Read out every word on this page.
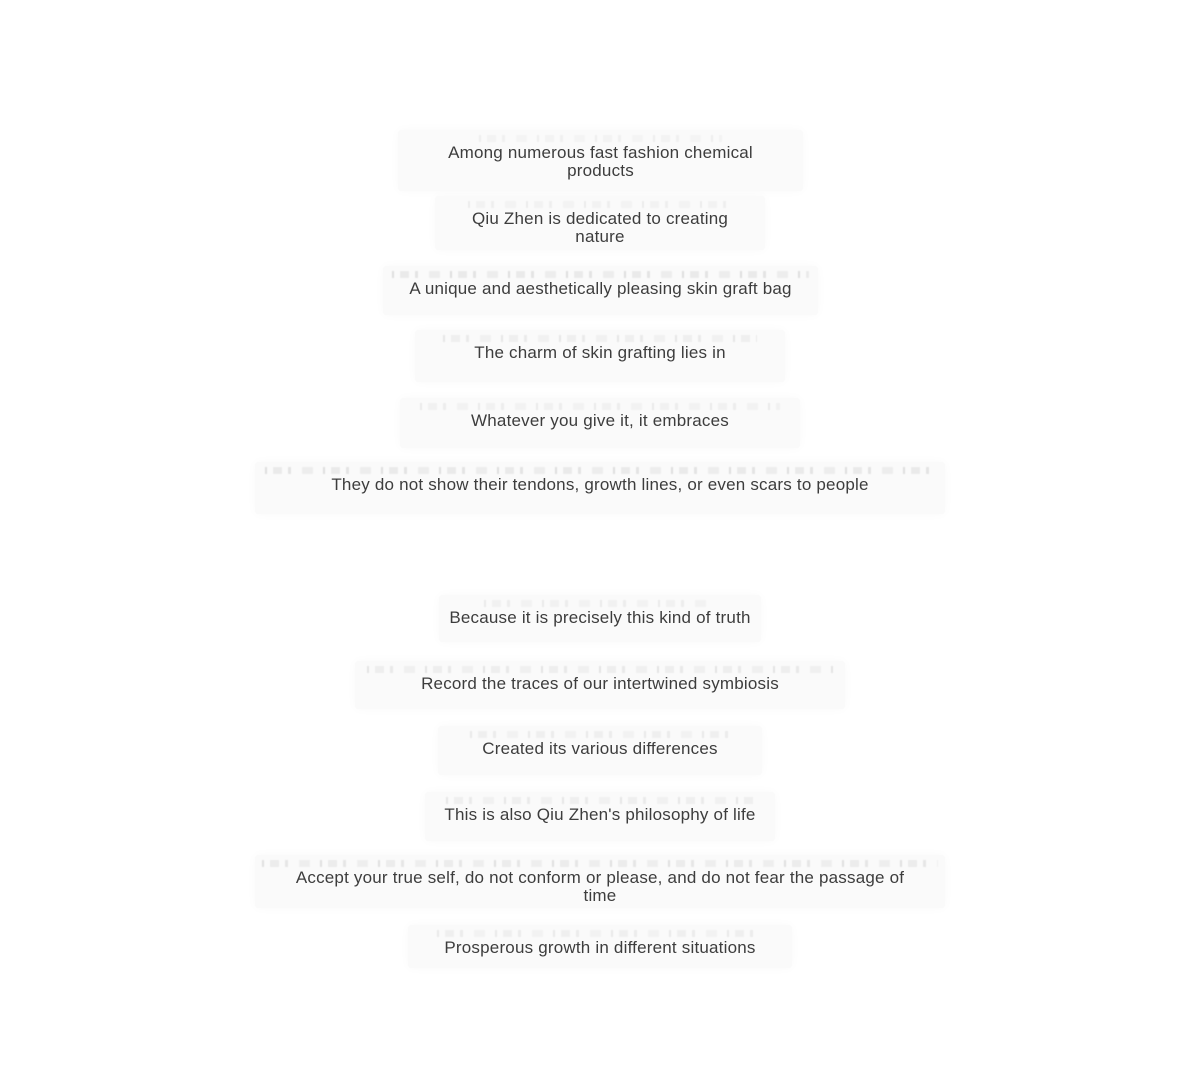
Among numerous fast fashion chemical
products
Qiu Zhen is dedicated to creating
nature
A unique and aesthetically pleasing skin graft bag
The charm of skin grafting lies in
Whatever you give it, it embraces
They do not show their tendons, growth lines, or even scars to people
Because it is precisely this kind of truth
Record the traces of our intertwined symbiosis
Created its various differences
This is also Qiu Zhen's philosophy of life
Accept your true self, do not conform or please, and do not fear the passage of
time
Prosperous growth in different situations
